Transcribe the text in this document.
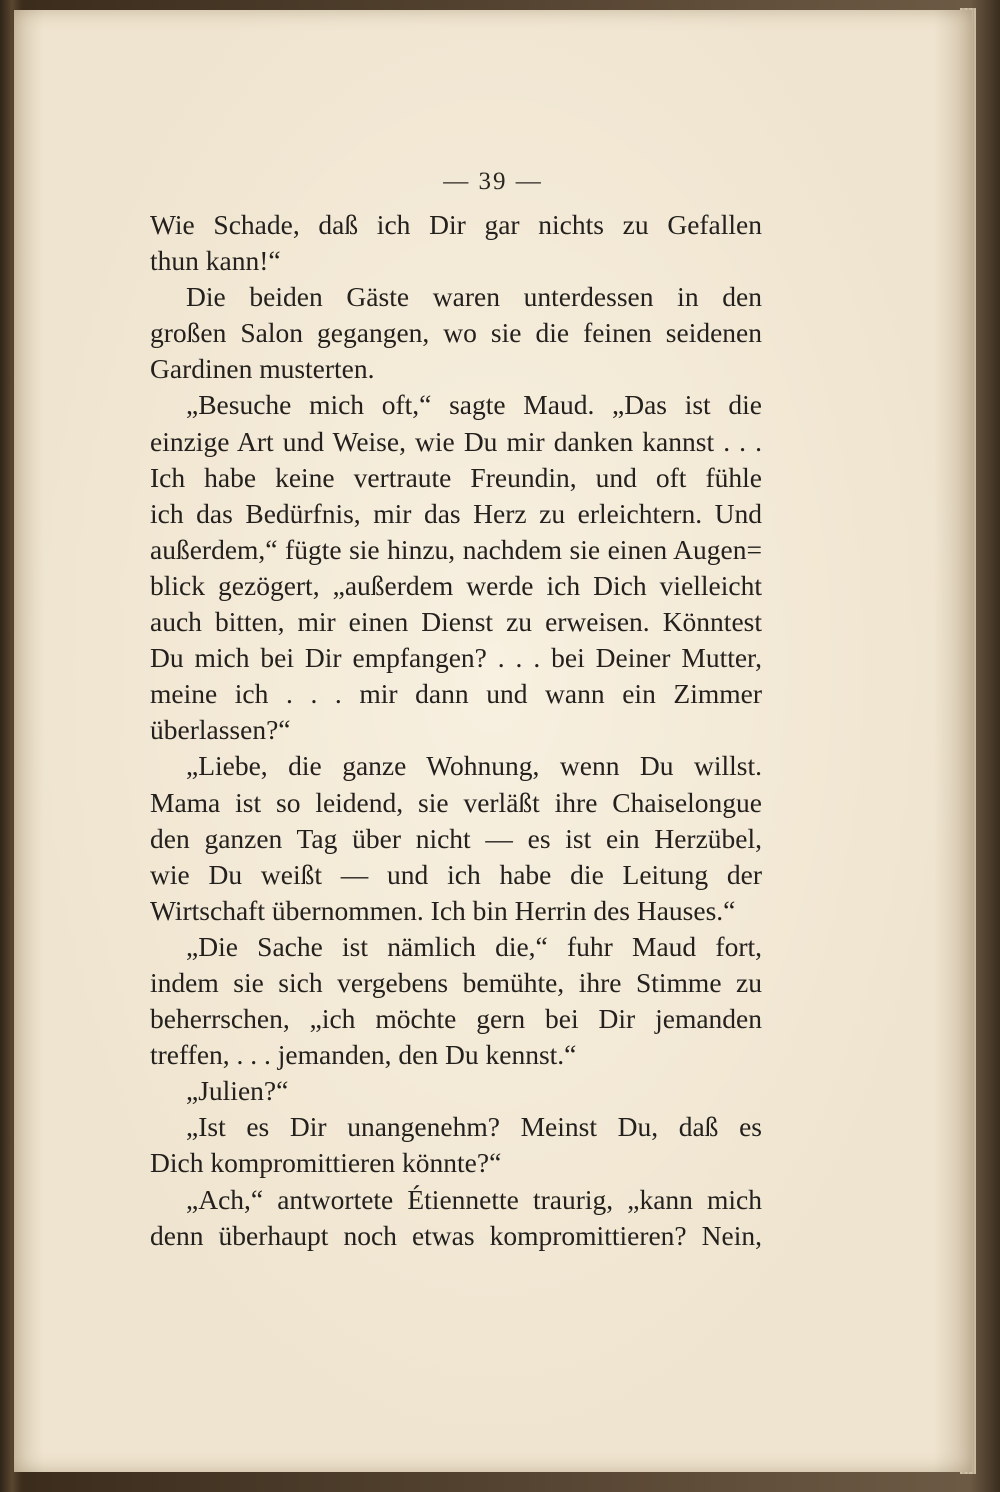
— 39 —
Wie Schade, daß ich Dir gar nichts zu Gefallen
thun kann!“
Die beiden Gäste waren unterdessen in den
großen Salon gegangen, wo sie die feinen seidenen
Gardinen musterten.
„Besuche mich oft,“ sagte Maud. „Das ist die
einzige Art und Weise, wie Du mir danken kannst . . .
Ich habe keine vertraute Freundin, und oft fühle
ich das Bedürfnis, mir das Herz zu erleichtern. Und
außerdem,“ fügte sie hinzu, nachdem sie einen Augen=
blick gezögert, „außerdem werde ich Dich vielleicht
auch bitten, mir einen Dienst zu erweisen. Könntest
Du mich bei Dir empfangen? . . . bei Deiner Mutter,
meine ich . . . mir dann und wann ein Zimmer
überlassen?“
„Liebe, die ganze Wohnung, wenn Du willst.
Mama ist so leidend, sie verläßt ihre Chaiselongue
den ganzen Tag über nicht — es ist ein Herzübel,
wie Du weißt — und ich habe die Leitung der
Wirtschaft übernommen. Ich bin Herrin des Hauses.“
„Die Sache ist nämlich die,“ fuhr Maud fort,
indem sie sich vergebens bemühte, ihre Stimme zu
beherrschen, „ich möchte gern bei Dir jemanden
treffen, . . . jemanden, den Du kennst.“
„Julien?“
„Ist es Dir unangenehm? Meinst Du, daß es
Dich kompromittieren könnte?“
„Ach,“ antwortete Étiennette traurig, „kann mich
denn überhaupt noch etwas kompromittieren? Nein,
